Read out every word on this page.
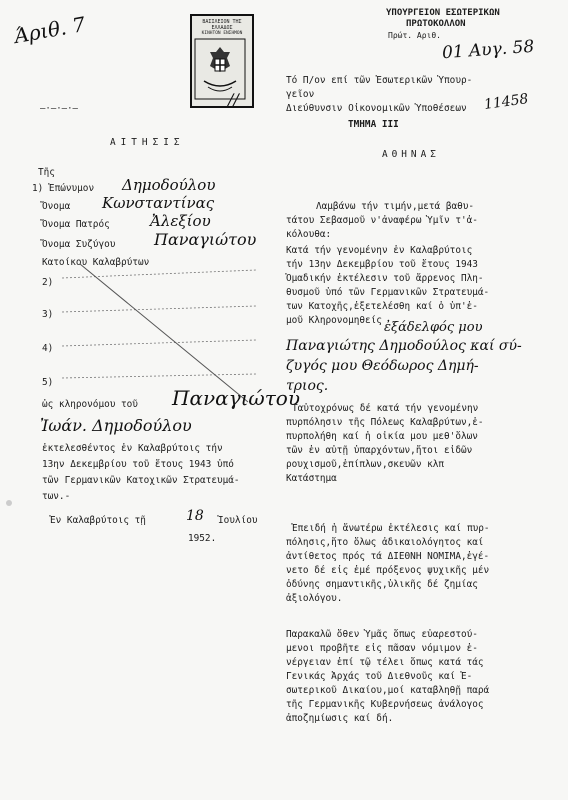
Άριθ. 7
—·—·—·—
ΒΑΣΙΛΕΙΟΝ ΤΗΣ ΕΛΛΑΔΟΣ
ΚΙΝΗΤΟΝ ΕΝΣΗΜΟΝ
∕∕
ΥΠΟΥΡΓΕΙΟΝ ΕΣΩΤΕΡΙΚΩΝ
ΠΡΩΤΟΚΟΛΛΟΝ
Πρώτ. Αριθ.
01 Αυγ. 58
11458
Τό Π/ον επί τῶν Ἐσωτερικῶν Ὑπουρ-
γεῖον
Διεύθυνσιν Οἰκονομικῶν Ὑποθέσεων
ΤΜΗΜΑ ΙΙΙ
ΑΘΗΝΑΣ
ΑΙΤΗΣΙΣ
Τῆς
1) Ἐπώνυμον Δημοδούλου
Ὄνομα Κωνσταντίνας
Ὄνομα Πατρός	Ἀλεξίου
Ὄνομα Συζύγου Παναγιώτου
Κατοίκου Καλαβρύτων
2)
3)
4)
5)
ὡς κληρονόμου τοῦ Παναγιώτου
Ἰωάν. Δημοδούλου
ἐκτελεσθέντος ἐν Καλαβρύτοις τήν
13ην Δεκεμβρίου τοῦ ἔτους 1943 ὑπό
τῶν Γερμανικῶν Κατοχικῶν Στρατευμά-
των.-
Ἐν Καλαβρύτοις τῇ	18 Ἰουλίου
1952.
Λαμβάνω τήν τιμήν,μετά βαθυ-
τάτου Σεβασμοῦ ν'ἀναφέρω Ὑμῖν τ'ἀ-
κόλουθα:
Κατά τήν γενομένην ἐν Καλαβρύτοις
τήν 13ην Δεκεμβρίου τοῦ ἔτους 1943
Ὁμαδικήν ἐκτέλεσιν τοῦ ἄρρενος Πλη-
θυσμοῦ ὑπό τῶν Γερμανικῶν Στρατευμά-
των Κατοχῆς,ἐξετελέσθη καί ὁ ὑπ'ἐ-
μοῦ Κληρονομηθείς ἐξάδελφός μου
Παναγιώτης Δημοδούλος καί σύ-
ζυγός μου Θεόδωρος Δημή-
τριος.
Ταὐτοχρόνως δέ κατά τήν γενομένην
πυρπόλησιν τῆς Πόλεως Καλαβρύτων,ἐ-
πυρπολήθη καί ἡ οἰκία μου μεθ'ὅλων
τῶν ἐν αὐτῇ ὑπαρχόντων,ἤτοι εἰδῶν
ρουχισμοῦ,ἐπίπλων,σκευῶν κλπ
Κατάστημα
Ἐπειδή ἡ ἄνωτέρω ἐκτέλεσις καί πυρ-
πόλησις,ἥτο ὅλως ἀδικαιολόγητος καί
ἀντίθετος πρός τά ΔΙΕΘΝΗ ΝΟΜΙΜΑ,ἐγέ-
νετο δέ εἰς ἐμέ πρόξενος ψυχικῆς μέν
ὀδύνης σημαντικῆς,ὑλικῆς δέ ζημίας
ἀξιολόγου.
Παρακαλῶ ὅθεν Ὑμᾶς ὅπως εὐαρεστού-
μενοι προβῆτε εἰς πᾶσαν νόμιμον ἐ-
νέργειαν ἐπί τῷ τέλει ὅπως κατά τάς
Γενικάς Ἀρχάς τοῦ Διεθνοῦς καί Ἐ-
σωτερικοῦ Δικαίου,μοί καταβληθῇ παρά
τῆς Γερμανικῆς Κυβερνήσεως ἀνάλογος
ἀποζημίωσις καί δή.
